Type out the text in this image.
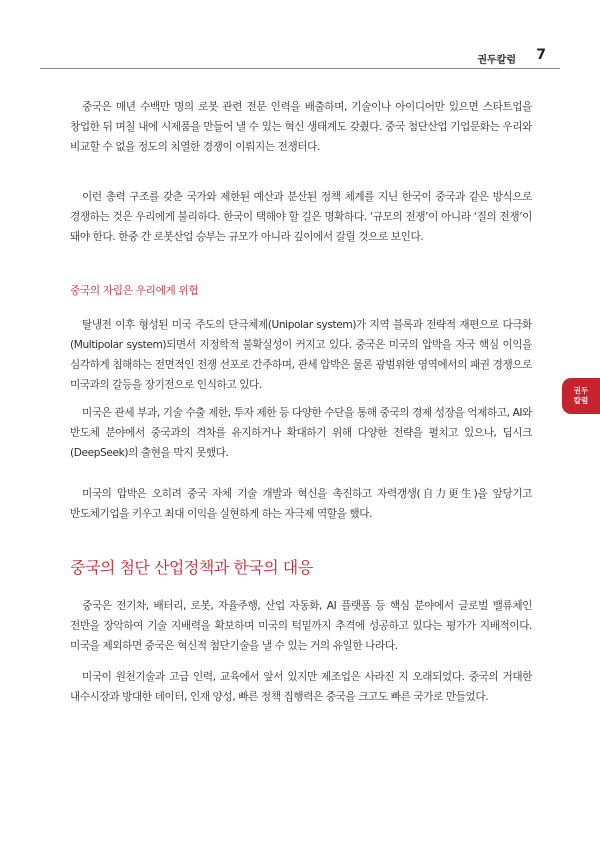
권두칼럼 7
권두
칼럼

중국은 매년 수백만 명의 로봇 관련 전문 인력을 배출하며, 기술이나 아이디어만 있으면 스타트업을 창업한 뒤 며칠 내에 시제품을 만들어 낼 수 있는 혁신 생태계도 갖췄다. 중국 첨단산업 기업문화는 우리와 비교할 수 없을 정도의 치열한 경쟁이 이뤄지는 전쟁터다.

이런 총력 구조를 갖춘 국가와 제한된 예산과 분산된 정책 체계를 지닌 한국이 중국과 같은 방식으로 경쟁하는 것은 우리에게 불리하다. 한국이 택해야 할 길은 명확하다. ‘규모의 전쟁’이 아니라 ‘질의 전쟁’이 돼야 한다. 한중 간 로봇산업 승부는 규모가 아니라 깊이에서 갈릴 것으로 보인다.

중국의 자립은 우리에게 위협

탈냉전 이후 형성된 미국 주도의 단극체제(Unipolar system)가 지역 블록과 전략적 재편으로 다극화(Multipolar system)되면서 지정학적 불확실성이 커지고 있다. 중국은 미국의 압박을 자국 핵심 이익을 심각하게 침해하는 전면적인 전쟁 선포로 간주하며, 관세 압박은 물론 광범위한 영역에서의 패권 경쟁으로 미국과의 갈등을 장기전으로 인식하고 있다.

미국은 관세 부과, 기술 수출 제한, 투자 제한 등 다양한 수단을 통해 중국의 경제 성장을 억제하고, AI와 반도체 분야에서 중국과의 격차를 유지하거나 확대하기 위해 다양한 전략을 펼치고 있으나, 딥시크(DeepSeek)의 출현을 막지 못했다.

미국의 압박은 오히려 중국 자체 기술 개발과 혁신을 촉진하고 자력갱생(自力更生)을 앞당기고 반도체기업을 키우고 최대 이익을 실현하게 하는 자극제 역할을 했다.

중국의 첨단 산업정책과 한국의 대응

중국은 전기차, 배터리, 로봇, 자율주행, 산업 자동화, AI 플랫폼 등 핵심 분야에서 글로벌 밸류체인 전반을 장악하여 기술 지배력을 확보하며 미국의 턱밑까지 추격에 성공하고 있다는 평가가 지배적이다. 미국을 제외하면 중국은 혁신적 첨단기술을 낼 수 있는 거의 유일한 나라다.

미국이 원천기술과 고급 인력, 교육에서 앞서 있지만 제조업은 사라진 지 오래되었다. 중국의 거대한 내수시장과 방대한 데이터, 인재 양성, 빠른 정책 집행력은 중국을 크고도 빠른 국가로 만들었다.
